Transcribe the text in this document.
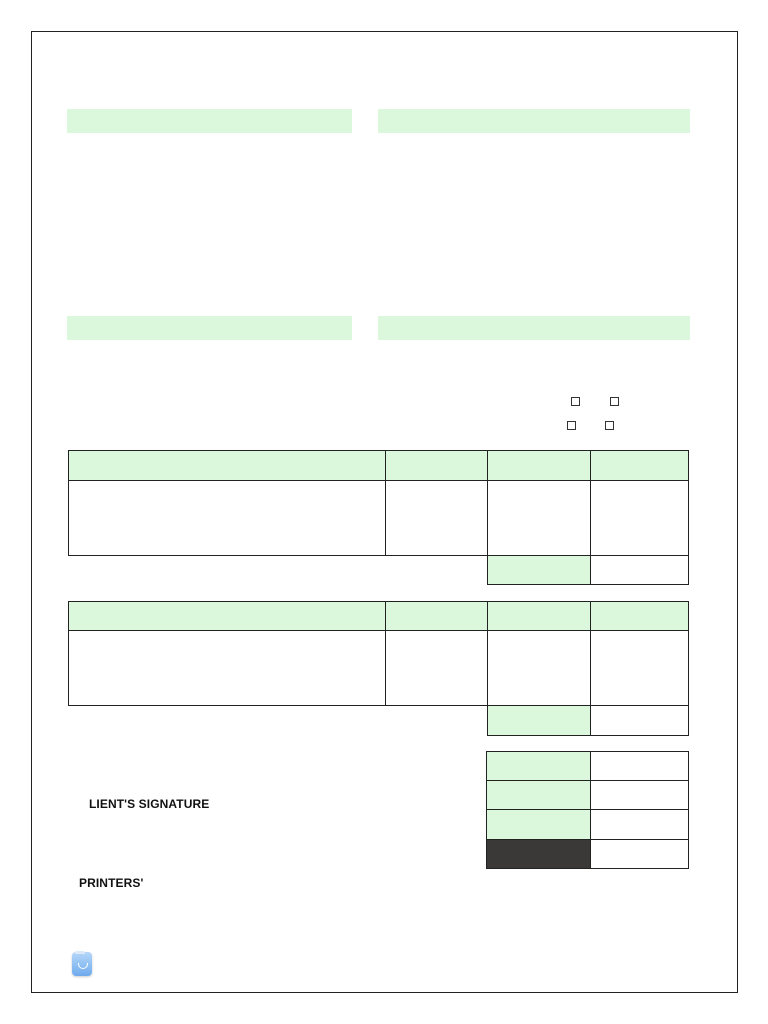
LIENT'S SIGNATURE
PRINTERS'
